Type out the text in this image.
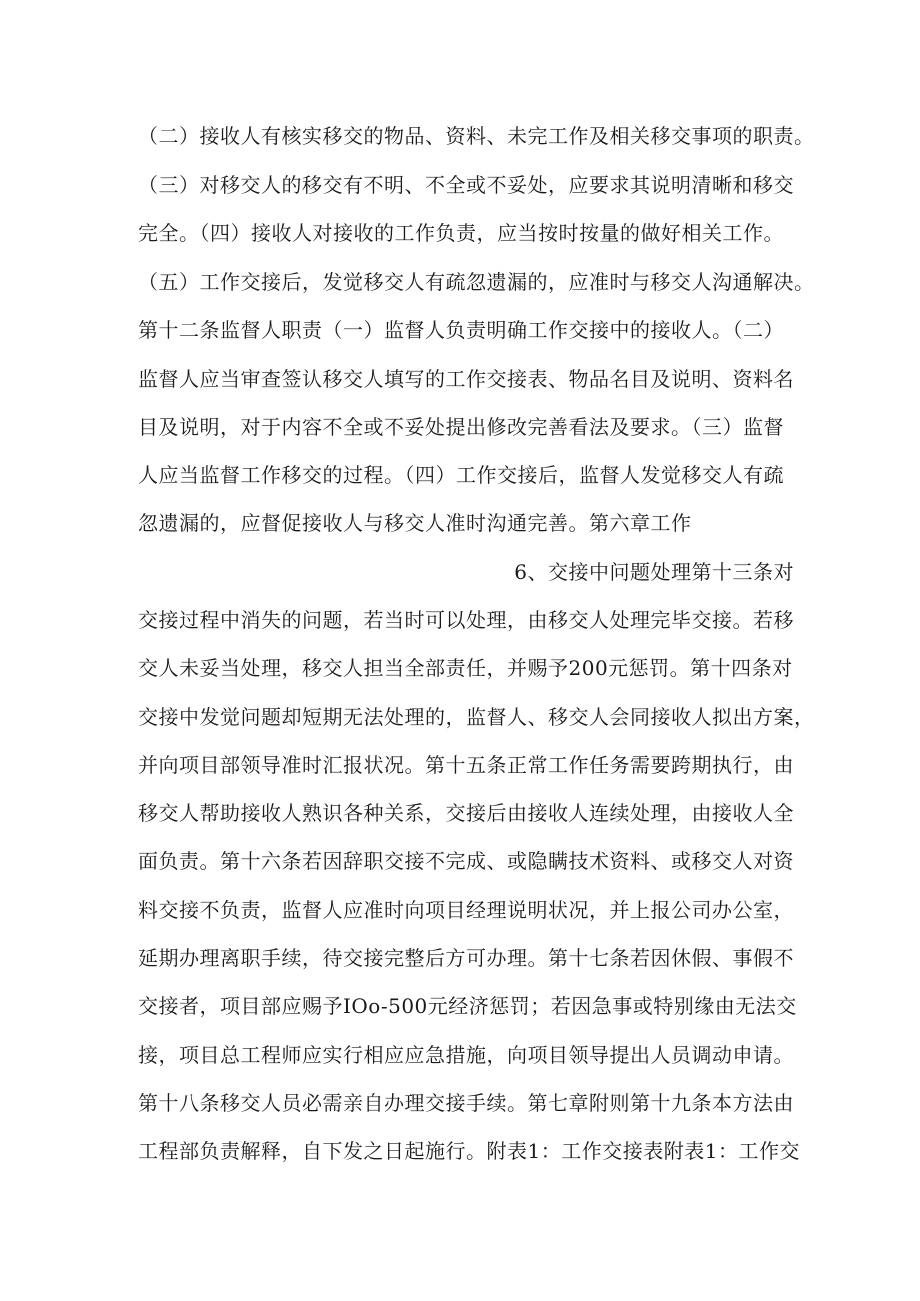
（二）接收人有核实移交的物品、资料、未完工作及相关移交事项的职责。
（三）对移交人的移交有不明、不全或不妥处，应要求其说明清晰和移交
完全。（四）接收人对接收的工作负责，应当按时按量的做好相关工作。
（五）工作交接后，发觉移交人有疏忽遗漏的，应准时与移交人沟通解决。
第十二条监督人职责（一）监督人负责明确工作交接中的接收人。（二）
监督人应当审查签认移交人填写的工作交接表、物品名目及说明、资料名
目及说明，对于内容不全或不妥处提出修改完善看法及要求。（三）监督
人应当监督工作移交的过程。（四）工作交接后，监督人发觉移交人有疏
忽遗漏的，应督促接收人与移交人准时沟通完善。第六章工作
6、交接中问题处理第十三条对
交接过程中消失的问题，若当时可以处理，由移交人处理完毕交接。若移
交人未妥当处理，移交人担当全部责任，并赐予200元惩罚。第十四条对
交接中发觉问题却短期无法处理的，监督人、移交人会同接收人拟出方案，
并向项目部领导准时汇报状况。第十五条正常工作任务需要跨期执行，由
移交人帮助接收人熟识各种关系，交接后由接收人连续处理，由接收人全
面负责。第十六条若因辞职交接不完成、或隐瞒技术资料、或移交人对资
料交接不负责，监督人应准时向项目经理说明状况，并上报公司办公室，
延期办理离职手续，待交接完整后方可办理。第十七条若因休假、事假不
交接者，项目部应赐予IOo-500元经济惩罚；若因急事或特别缘由无法交
接，项目总工程师应实行相应应急措施，向项目领导提出人员调动申请。
第十八条移交人员必需亲自办理交接手续。第七章附则第十九条本方法由
工程部负责解释，自下发之日起施行。附表1：工作交接表附表1：工作交
